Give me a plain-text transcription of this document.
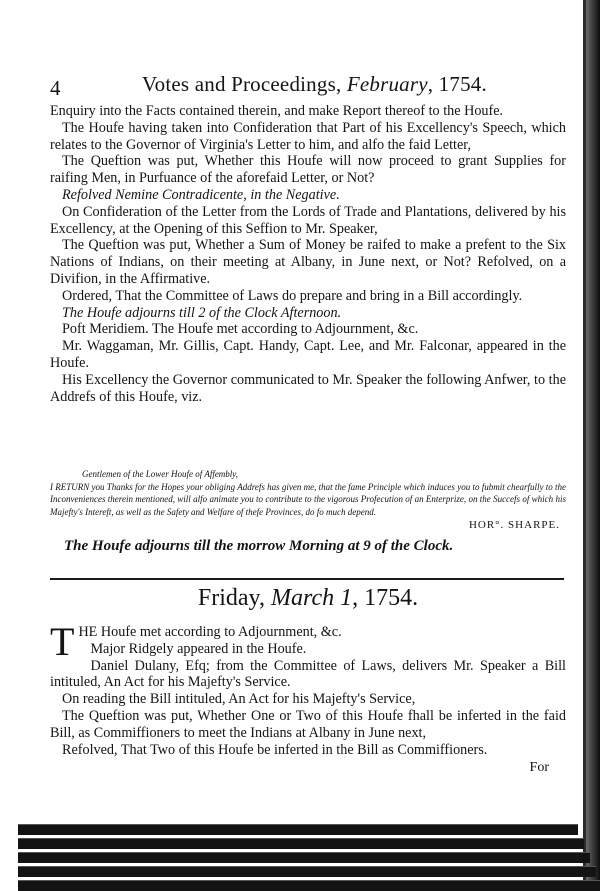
4	Votes and Proceedings, February, 1754.

Enquiry into the Facts contained therein, and make Report thereof to the Houfe.

The Houfe having taken into Confideration that Part of his Excellency's Speech, which relates to the Governor of Virginia's Letter to him, and alfo the faid Letter,

The Queftion was put, Whether this Houfe will now proceed to grant Supplies for raifing Men, in Purfuance of the aforefaid Letter, or Not?

Refolved Nemine Contradicente, in the Negative.

On Confideration of the Letter from the Lords of Trade and Plantations, delivered by his Excellency, at the Opening of this Seffion to Mr. Speaker,

The Queftion was put, Whether a Sum of Money be raifed to make a prefent to the Six Nations of Indians, on their meeting at Albany, in June next, or Not? Refolved, on a Divifion, in the Affirmative.

Ordered, That the Committee of Laws do prepare and bring in a Bill accordingly.

The Houfe adjourns till 2 of the Clock Afternoon.

Poft Meridiem. The Houfe met according to Adjournment, &c.

Mr. Waggaman, Mr. Gillis, Capt. Handy, Capt. Lee, and Mr. Falconar, appeared in the Houfe.

His Excellency the Governor communicated to Mr. Speaker the following Anfwer, to the Addrefs of this Houfe, viz.

Gentlemen of the Lower Houfe of Affembly,

I RETURN you Thanks for the Hopes your obliging Addrefs has given me, that the fame Principle which induces you to fubmit chearfully to the Inconveniences therein mentioned, will alfo animate you to contribute to the vigorous Profecution of an Enterprize, on the Succefs of which his Majefty's Intereft, as well as the Safety and Welfare of thefe Provinces, do fo much depend.

HOR°. SHARPE.
The Houfe adjourns till the morrow Morning at 9 of the Clock.
Friday, March 1, 1754.

THE Houfe met according to Adjournment, &c.

Major Ridgely appeared in the Houfe.

Daniel Dulany, Efq; from the Committee of Laws, delivers Mr. Speaker a Bill intituled, An Act for his Majefty's Service.

On reading the Bill intituled, An Act for his Majefty's Service,

The Queftion was put, Whether One or Two of this Houfe fhall be inferted in the faid Bill, as Commiffioners to meet the Indians at Albany in June next,

Refolved, That Two of this Houfe be inferted in the Bill as Commiffioners.

For
